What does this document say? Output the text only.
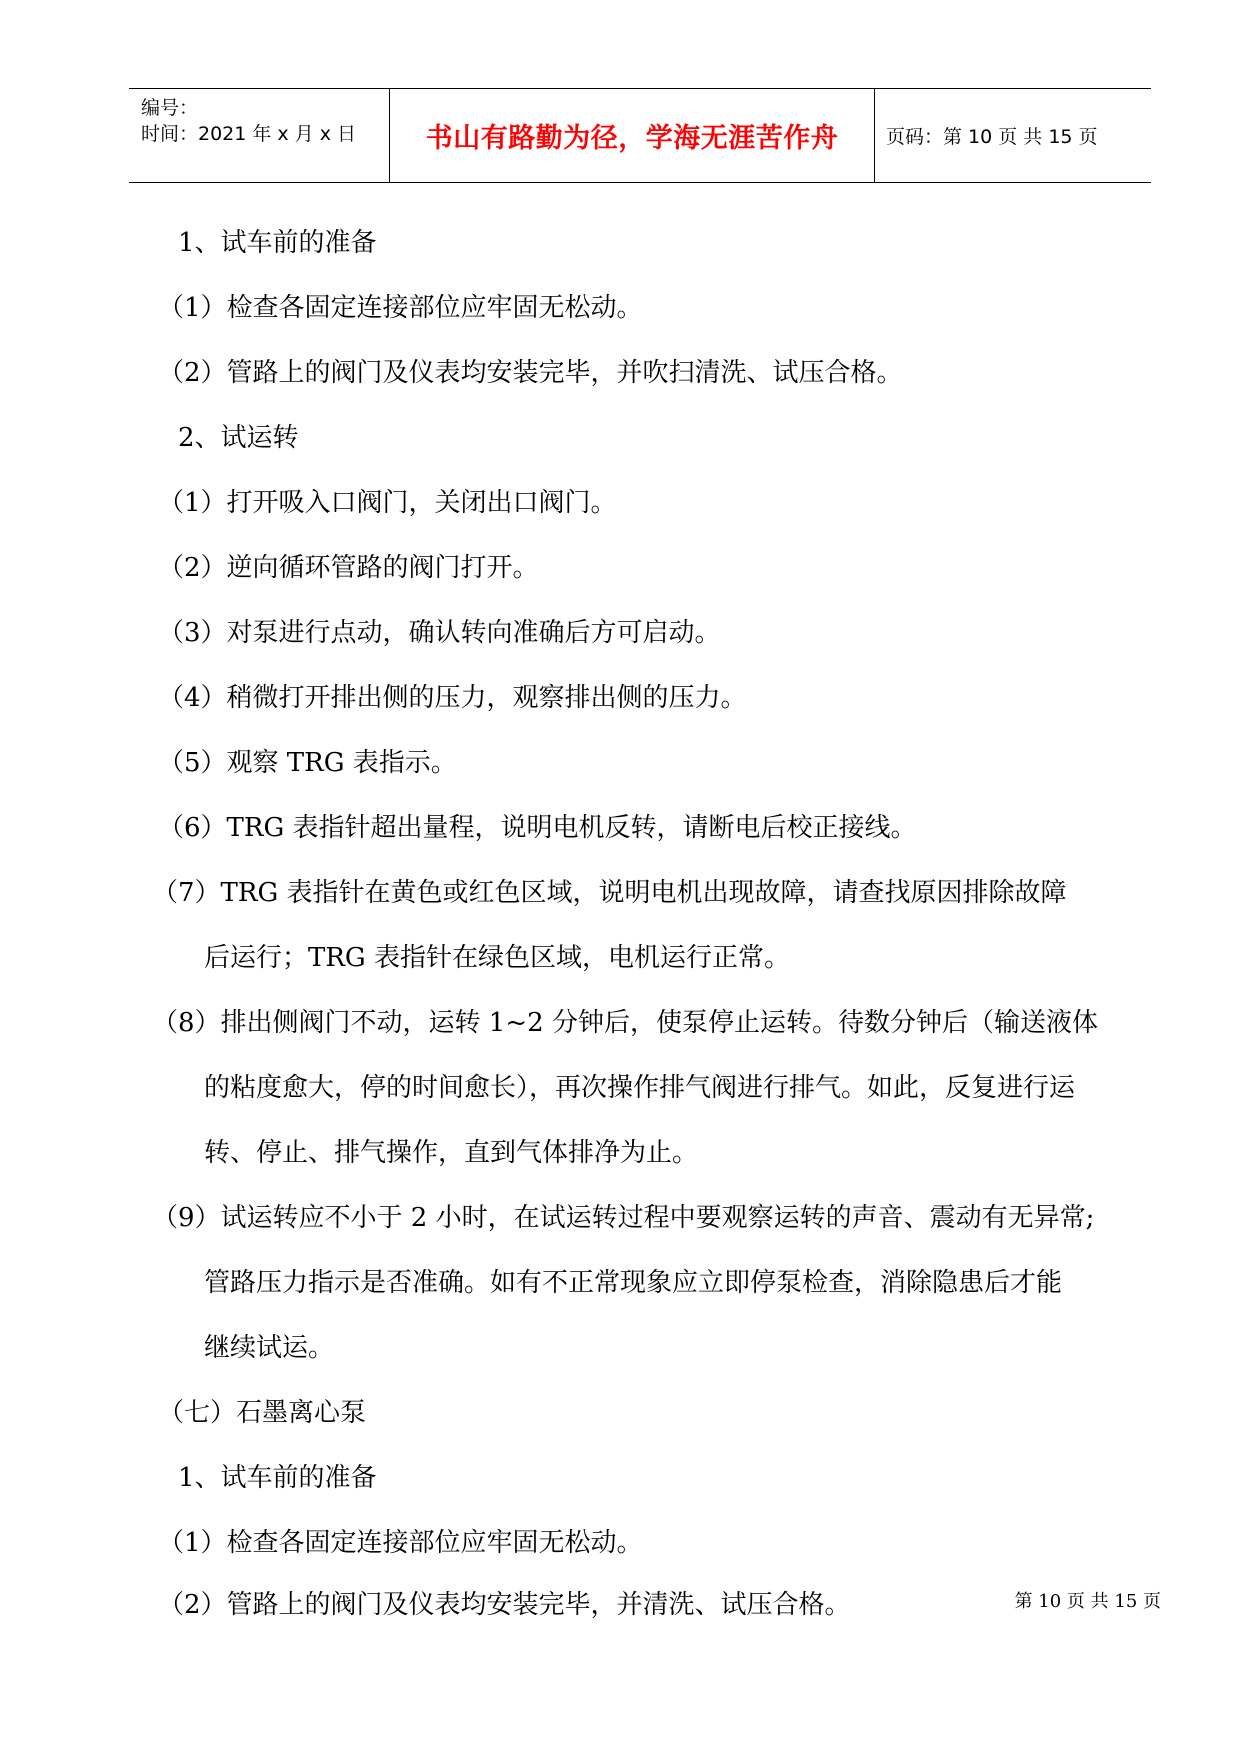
编号：
时间：2021 年 x 月 x 日	书山有路勤为径，学海无涯苦作舟	页码：第 10 页 共 15 页
1、试车前的准备
（1）检查各固定连接部位应牢固无松动。
（2）管路上的阀门及仪表均安装完毕，并吹扫清洗、试压合格。
2、试运转
（1）打开吸入口阀门，关闭出口阀门。
（2）逆向循环管路的阀门打开。
（3）对泵进行点动，确认转向准确后方可启动。
（4）稍微打开排出侧的压力，观察排出侧的压力。
（5）观察 TRG 表指示。
（6）TRG 表指针超出量程，说明电机反转，请断电后校正接线。
（7）TRG 表指针在黄色或红色区域，说明电机出现故障，请查找原因排除故障
后运行；TRG 表指针在绿色区域，电机运行正常。
（8）排出侧阀门不动，运转 1~2 分钟后，使泵停止运转。待数分钟后（输送液体
的粘度愈大，停的时间愈长），再次操作排气阀进行排气。如此，反复进行运
转、停止、排气操作，直到气体排净为止。
（9）试运转应不小于 2 小时，在试运转过程中要观察运转的声音、震动有无异常;
管路压力指示是否准确。如有不正常现象应立即停泵检查，消除隐患后才能
继续试运。
（七）石墨离心泵
1、试车前的准备
（1）检查各固定连接部位应牢固无松动。
（2）管路上的阀门及仪表均安装完毕，并清洗、试压合格。	第 10 页 共 15 页
